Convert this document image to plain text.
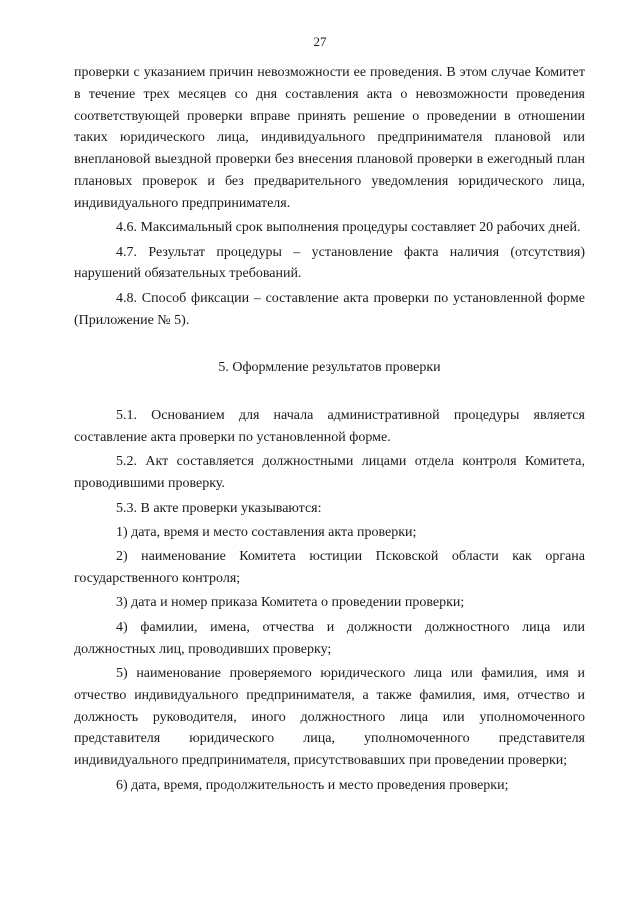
27

проверки с указанием причин невозможности ее проведения. В этом случае Комитет в течение трех месяцев со дня составления акта о невозможности проведения соответствующей проверки вправе принять решение о проведении в отношении таких юридического лица, индивидуального предпринимателя плановой или внеплановой выездной проверки без внесения плановой проверки в ежегодный план плановых проверок и без предварительного уведомления юридического лица, индивидуального предпринимателя.

4.6. Максимальный срок выполнения процедуры составляет 20 рабочих дней.

4.7. Результат процедуры – установление факта наличия (отсутствия) нарушений обязательных требований.

4.8. Способ фиксации – составление акта проверки по установленной форме (Приложение № 5).

5. Оформление результатов проверки

5.1. Основанием для начала административной процедуры является составление акта проверки по установленной форме.

5.2. Акт составляется должностными лицами отдела контроля Комитета, проводившими проверку.

5.3. В акте проверки указываются:

1) дата, время и место составления акта проверки;

2) наименование Комитета юстиции Псковской области как органа государственного контроля;

3) дата и номер приказа Комитета о проведении проверки;

4) фамилии, имена, отчества и должности должностного лица или должностных лиц, проводивших проверку;

5) наименование проверяемого юридического лица или фамилия, имя и отчество индивидуального предпринимателя, а также фамилия, имя, отчество и должность руководителя, иного должностного лица или уполномоченного представителя юридического лица, уполномоченного представителя индивидуального предпринимателя, присутствовавших при проведении проверки;

6) дата, время, продолжительность и место проведения проверки;
